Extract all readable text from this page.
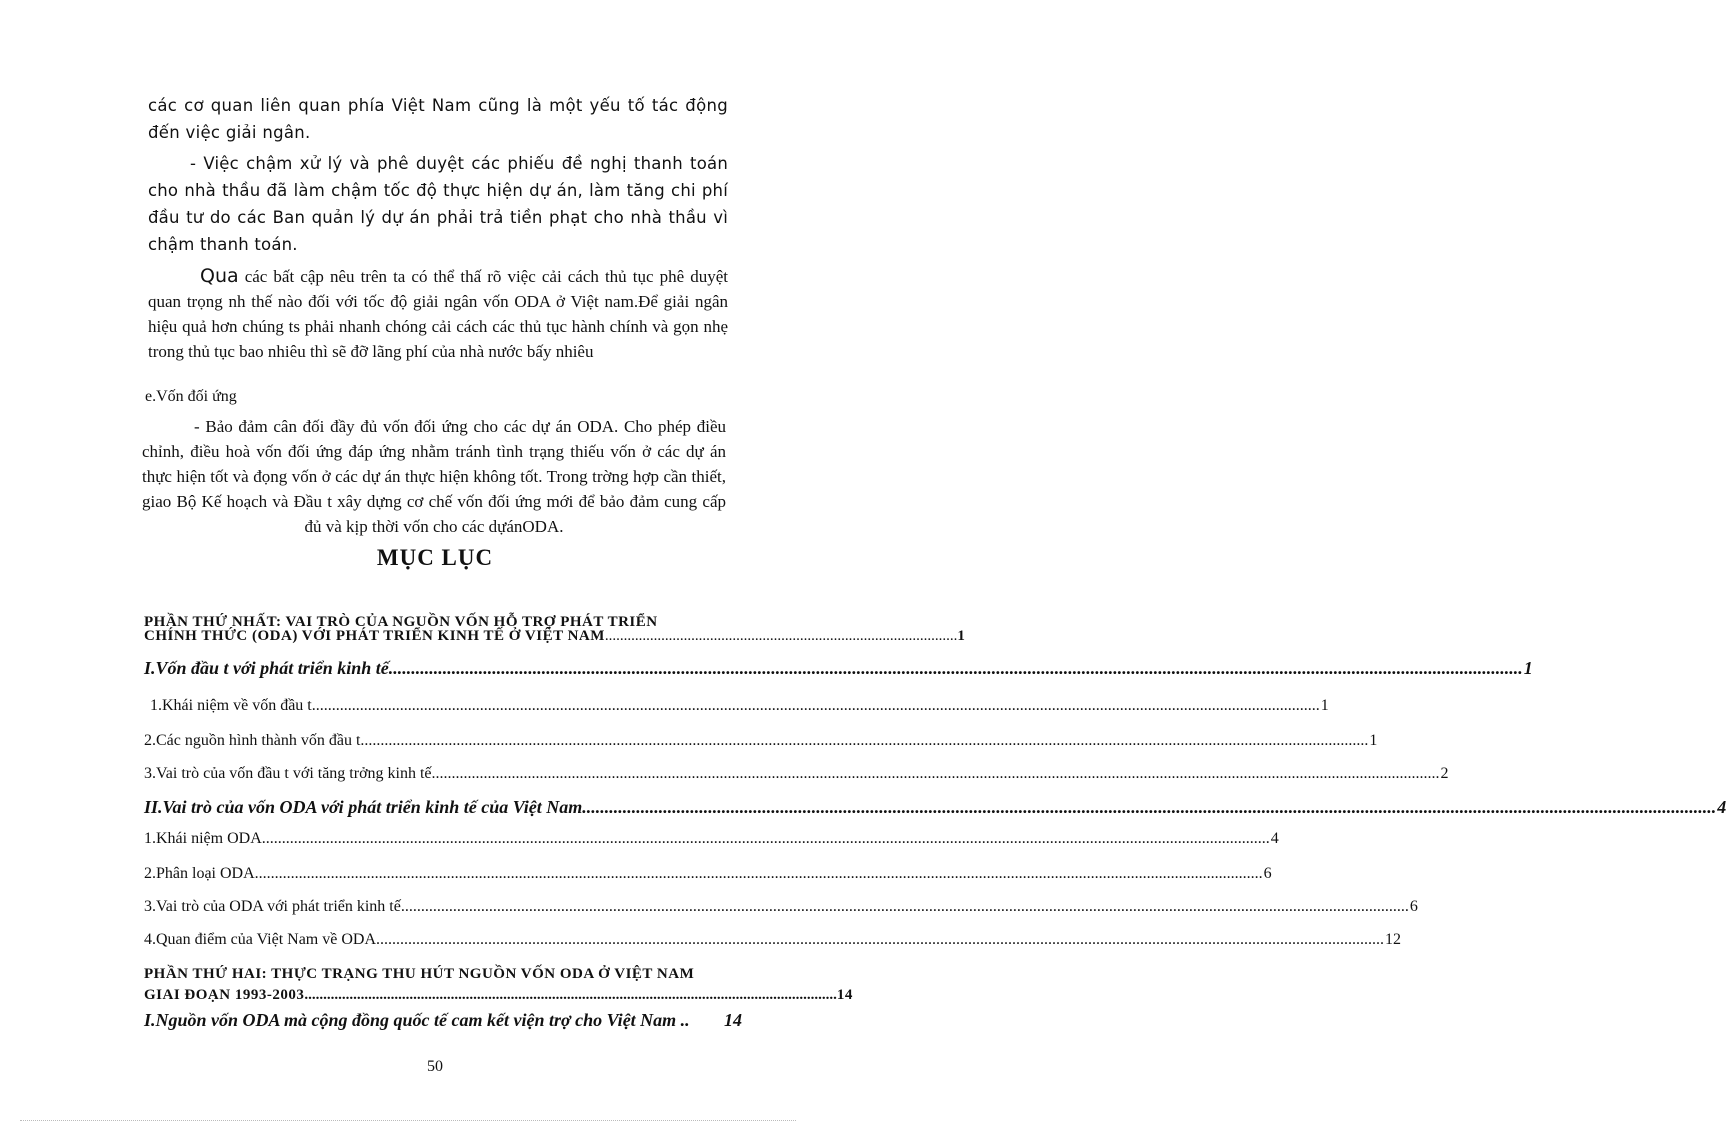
các cơ quan liên quan phía Việt Nam cũng là một yếu tố tác động đến việc giải ngân.

- Việc chậm xử lý và phê duyệt các phiếu đề nghị thanh toán cho nhà thầu đã làm chậm tốc độ thực hiện dự án, làm tăng chi phí đầu tư do các Ban quản lý dự án phải trả tiền phạt cho nhà thầu vì chậm thanh toán.

Qua các bất cập nêu trên ta có thể thấ rõ việc cải cách thủ tục phê duyệt quan trọng nh thế nào đối với tốc độ giải ngân vốn ODA ở Việt nam.Để giải ngân hiệu quả hơn chúng ts phải nhanh chóng cải cách các thủ tục hành chính và gọn nhẹ trong thủ tục bao nhiêu thì sẽ đỡ lãng phí của nhà nước bấy nhiêu

e.Vốn đối ứng

- Bảo đảm cân đối đầy đủ vốn đối ứng cho các dự án ODA. Cho phép điều chỉnh, điều hoà vốn đối ứng đáp ứng nhằm tránh tình trạng thiếu vốn ở các dự án thực hiện tốt và đọng vốn ở các dự án thực hiện không tốt. Trong trờng hợp cần thiết, giao Bộ Kế hoạch và Đầu t xây dựng cơ chế vốn đối ứng mới để bảo đảm cung cấp đủ và kịp thời vốn cho các dựánODA.

MỤC LỤC
PHẦN THỨ NHẤT: VAI TRÒ CỦA NGUỒN VỐN HỖ TRỢ PHÁT TRIỂN
CHÍNH THỨC (ODA) VỚI PHÁT TRIỂN KINH TẾ Ở VIỆT NAM .............................................................................................. 1
I.Vốn đầu t với phát triển kinh tế .....	1
1.Khái niệm về vốn đầu t .....	1
2.Các nguồn hình thành vốn đầu t .....	1
3.Vai trò của vốn đầu t với tăng trởng kinh tế .....	2
II.Vai trò của vốn ODA với phát triển kinh tế của Việt Nam .....	4
1.Khái niệm ODA .....	4
2.Phân loại ODA .....	6
3.Vai trò của ODA với phát triển kinh tế .....	6
4.Quan điểm của Việt Nam về ODA .....	12
PHẦN THỨ HAI: THỰC TRẠNG THU HÚT NGUỒN VỐN ODA Ở VIỆT NAM
GIAI ĐOẠN 1993-2003 .............................................................................................................................................. 14
I.Nguồn vốn ODA mà cộng đồng quốc tế cam kết viện trợ cho Việt Nam .. 14
50
